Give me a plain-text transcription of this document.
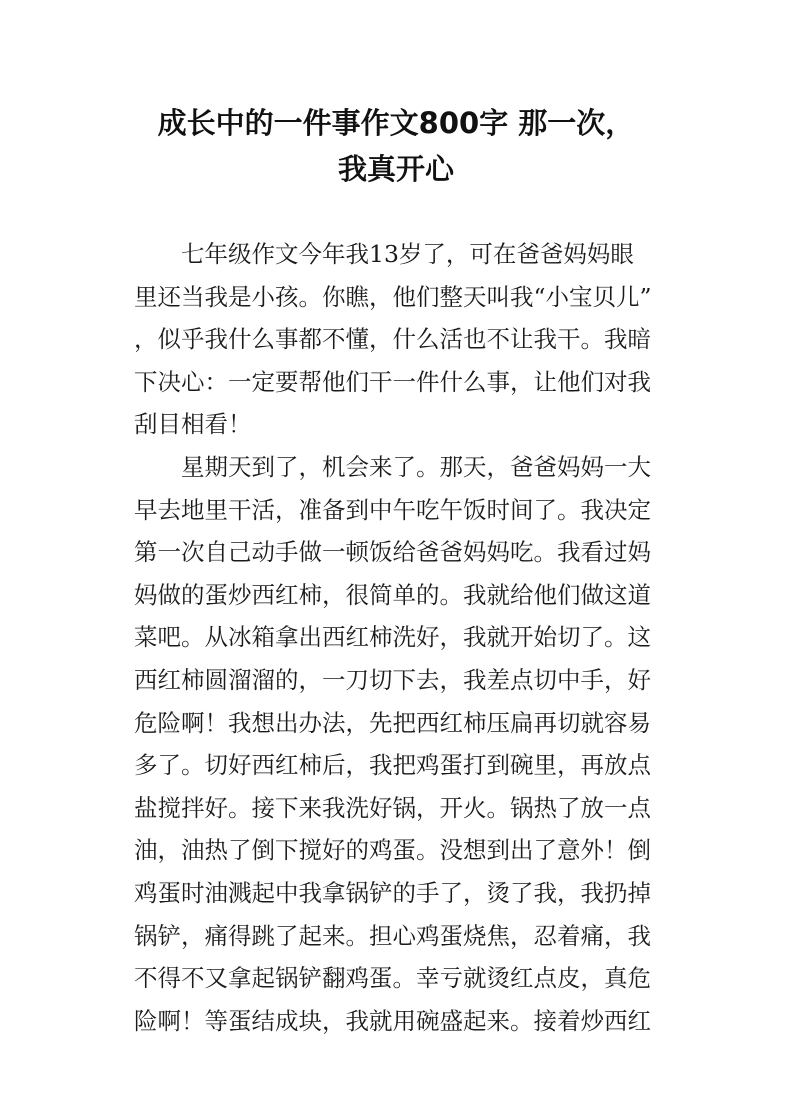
成长中的一件事作文800字 那一次，
我真开心
　　七年级作文今年我13岁了，可在爸爸妈妈眼
里还当我是小孩。你瞧，他们整天叫我“小宝贝儿”
，似乎我什么事都不懂，什么活也不让我干。我暗
下决心：一定要帮他们干一件什么事，让他们对我
刮目相看！
　　星期天到了，机会来了。那天，爸爸妈妈一大
早去地里干活，准备到中午吃午饭时间了。我决定
第一次自己动手做一顿饭给爸爸妈妈吃。我看过妈
妈做的蛋炒西红柿，很简单的。我就给他们做这道
菜吧。从冰箱拿出西红柿洗好，我就开始切了。这
西红柿圆溜溜的，一刀切下去，我差点切中手，好
危险啊！我想出办法，先把西红柿压扁再切就容易
多了。切好西红柿后，我把鸡蛋打到碗里，再放点
盐搅拌好。接下来我洗好锅，开火。锅热了放一点
油，油热了倒下搅好的鸡蛋。没想到出了意外！倒
鸡蛋时油溅起中我拿锅铲的手了，烫了我，我扔掉
锅铲，痛得跳了起来。担心鸡蛋烧焦，忍着痛，我
不得不又拿起锅铲翻鸡蛋。幸亏就烫红点皮，真危
险啊！等蛋结成块，我就用碗盛起来。接着炒西红
